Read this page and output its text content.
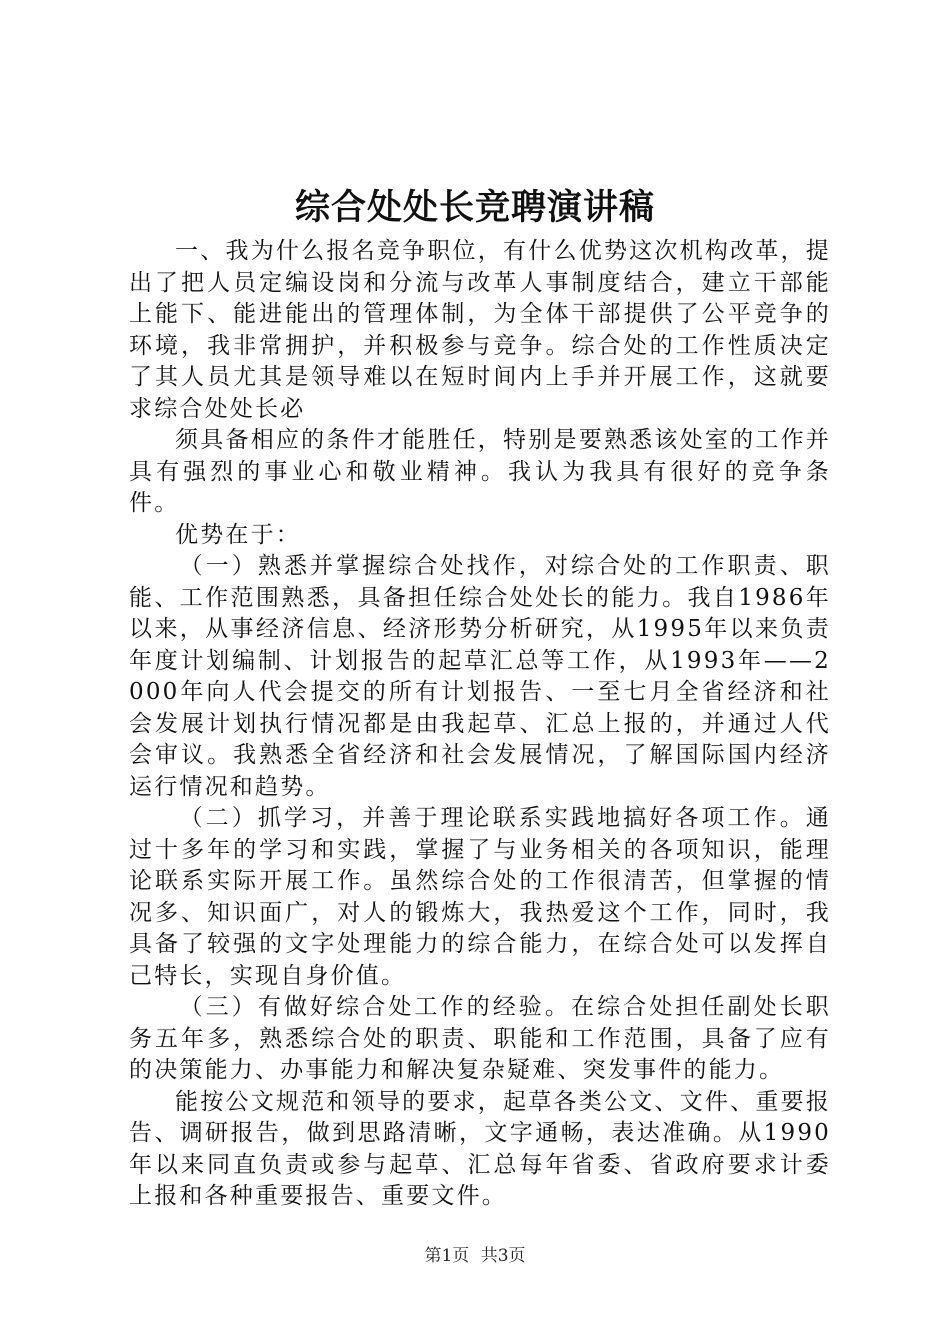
综合处处长竞聘演讲稿

一、我为什么报名竞争职位，有什么优势这次机构改革，提出了把人员定编设岗和分流与改革人事制度结合，建立干部能上能下、能进能出的管理体制，为全体干部提供了公平竞争的环境，我非常拥护，并积极参与竞争。综合处的工作性质决定了其人员尤其是领导难以在短时间内上手并开展工作，这就要求综合处处长必

须具备相应的条件才能胜任，特别是要熟悉该处室的工作并具有强烈的事业心和敬业精神。我认为我具有很好的竞争条件。

优势在于：

（一）熟悉并掌握综合处找作，对综合处的工作职责、职能、工作范围熟悉，具备担任综合处处长的能力。我自1986年以来，从事经济信息、经济形势分析研究，从1995年以来负责年度计划编制、计划报告的起草汇总等工作，从1993年——2000年向人代会提交的所有计划报告、一至七月全省经济和社会发展计划执行情况都是由我起草、汇总上报的，并通过人代会审议。我熟悉全省经济和社会发展情况，了解国际国内经济运行情况和趋势。

（二）抓学习，并善于理论联系实践地搞好各项工作。通过十多年的学习和实践，掌握了与业务相关的各项知识，能理论联系实际开展工作。虽然综合处的工作很清苦，但掌握的情况多、知识面广，对人的锻炼大，我热爱这个工作，同时，我具备了较强的文字处理能力的综合能力，在综合处可以发挥自己特长，实现自身价值。

（三）有做好综合处工作的经验。在综合处担任副处长职务五年多，熟悉综合处的职责、职能和工作范围，具备了应有的决策能力、办事能力和解决复杂疑难、突发事件的能力。

能按公文规范和领导的要求，起草各类公文、文件、重要报告、调研报告，做到思路清晰，文字通畅，表达准确。从1990年以来同直负责或参与起草、汇总每年省委、省政府要求计委上报和各种重要报告、重要文件。

第1页 共3页
